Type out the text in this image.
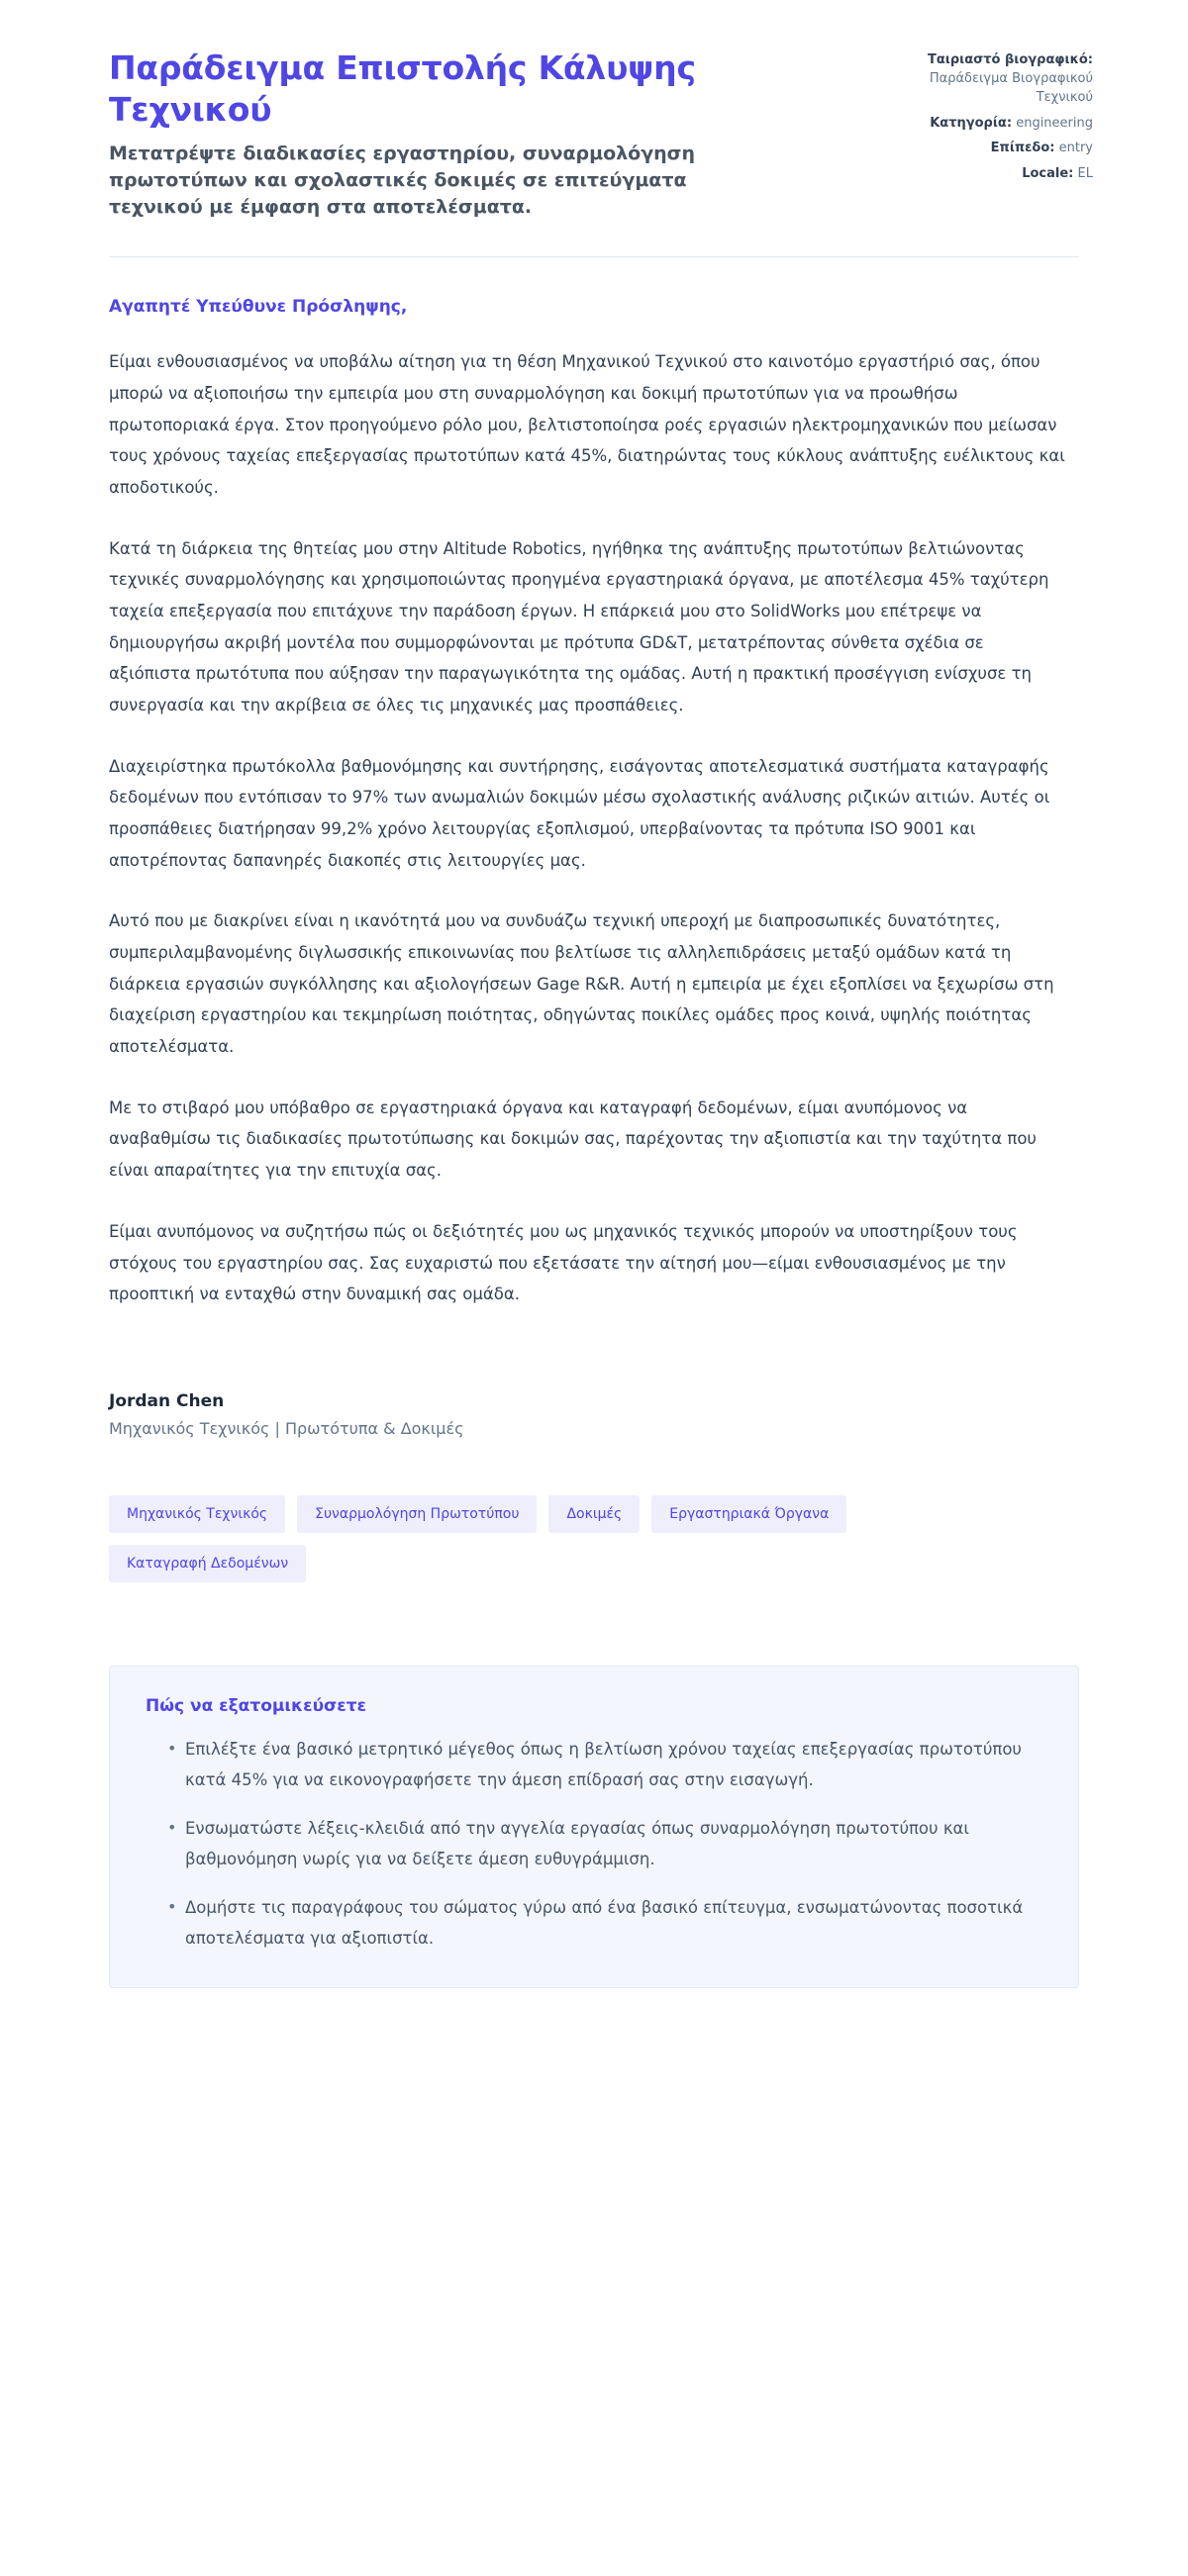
Παράδειγμα Επιστολής Κάλυψης Τεχνικού

Μετατρέψτε διαδικασίες εργαστηρίου, συναρμολόγηση πρωτοτύπων και σχολαστικές δοκιμές σε επιτεύγματα τεχνικού με έμφαση στα αποτελέσματα.

Ταιριαστό βιογραφικό: Παράδειγμα Βιογραφικού Τεχνικού
Κατηγορία: engineering
Επίπεδο: entry
Locale: EL

Αγαπητέ Υπεύθυνε Πρόσληψης,

Είμαι ενθουσιασμένος να υποβάλω αίτηση για τη θέση Μηχανικού Τεχνικού στο καινοτόμο εργαστήριό σας, όπου μπορώ να αξιοποιήσω την εμπειρία μου στη συναρμολόγηση και δοκιμή πρωτοτύπων για να προωθήσω πρωτοποριακά έργα. Στον προηγούμενο ρόλο μου, βελτιστοποίησα ροές εργασιών ηλεκτρομηχανικών που μείωσαν τους χρόνους ταχείας επεξεργασίας πρωτοτύπων κατά 45%, διατηρώντας τους κύκλους ανάπτυξης ευέλικτους και αποδοτικούς.

Κατά τη διάρκεια της θητείας μου στην Altitude Robotics, ηγήθηκα της ανάπτυξης πρωτοτύπων βελτιώνοντας τεχνικές συναρμολόγησης και χρησιμοποιώντας προηγμένα εργαστηριακά όργανα, με αποτέλεσμα 45% ταχύτερη ταχεία επεξεργασία που επιτάχυνε την παράδοση έργων. Η επάρκειά μου στο SolidWorks μου επέτρεψε να δημιουργήσω ακριβή μοντέλα που συμμορφώνονται με πρότυπα GD&T, μετατρέποντας σύνθετα σχέδια σε αξιόπιστα πρωτότυπα που αύξησαν την παραγωγικότητα της ομάδας. Αυτή η πρακτική προσέγγιση ενίσχυσε τη συνεργασία και την ακρίβεια σε όλες τις μηχανικές μας προσπάθειες.

Διαχειρίστηκα πρωτόκολλα βαθμονόμησης και συντήρησης, εισάγοντας αποτελεσματικά συστήματα καταγραφής δεδομένων που εντόπισαν το 97% των ανωμαλιών δοκιμών μέσω σχολαστικής ανάλυσης ριζικών αιτιών. Αυτές οι προσπάθειες διατήρησαν 99,2% χρόνο λειτουργίας εξοπλισμού, υπερβαίνοντας τα πρότυπα ISO 9001 και αποτρέποντας δαπανηρές διακοπές στις λειτουργίες μας.

Αυτό που με διακρίνει είναι η ικανότητά μου να συνδυάζω τεχνική υπεροχή με διαπροσωπικές δυνατότητες, συμπεριλαμβανομένης διγλωσσικής επικοινωνίας που βελτίωσε τις αλληλεπιδράσεις μεταξύ ομάδων κατά τη διάρκεια εργασιών συγκόλλησης και αξιολογήσεων Gage R&R. Αυτή η εμπειρία με έχει εξοπλίσει να ξεχωρίσω στη διαχείριση εργαστηρίου και τεκμηρίωση ποιότητας, οδηγώντας ποικίλες ομάδες προς κοινά, υψηλής ποιότητας αποτελέσματα.

Με το στιβαρό μου υπόβαθρο σε εργαστηριακά όργανα και καταγραφή δεδομένων, είμαι ανυπόμονος να αναβαθμίσω τις διαδικασίες πρωτοτύπωσης και δοκιμών σας, παρέχοντας την αξιοπιστία και την ταχύτητα που είναι απαραίτητες για την επιτυχία σας.

Είμαι ανυπόμονος να συζητήσω πώς οι δεξιότητές μου ως μηχανικός τεχνικός μπορούν να υποστηρίξουν τους στόχους του εργαστηρίου σας. Σας ευχαριστώ που εξετάσατε την αίτησή μου—είμαι ενθουσιασμένος με την προοπτική να ενταχθώ στην δυναμική σας ομάδα.

Jordan Chen

Μηχανικός Τεχνικός | Πρωτότυπα & Δοκιμές

Μηχανικός Τεχνικός	Συναρμολόγηση Πρωτοτύπου	Δοκιμές	Εργαστηριακά Όργανα
Καταγραφή Δεδομένων

Πώς να εξατομικεύσετε

• Επιλέξτε ένα βασικό μετρητικό μέγεθος όπως η βελτίωση χρόνου ταχείας επεξεργασίας πρωτοτύπου κατά 45% για να εικονογραφήσετε την άμεση επίδρασή σας στην εισαγωγή.
• Ενσωματώστε λέξεις-κλειδιά από την αγγελία εργασίας όπως συναρμολόγηση πρωτοτύπου και βαθμονόμηση νωρίς για να δείξετε άμεση ευθυγράμμιση.
• Δομήστε τις παραγράφους του σώματος γύρω από ένα βασικό επίτευγμα, ενσωματώνοντας ποσοτικά αποτελέσματα για αξιοπιστία.
